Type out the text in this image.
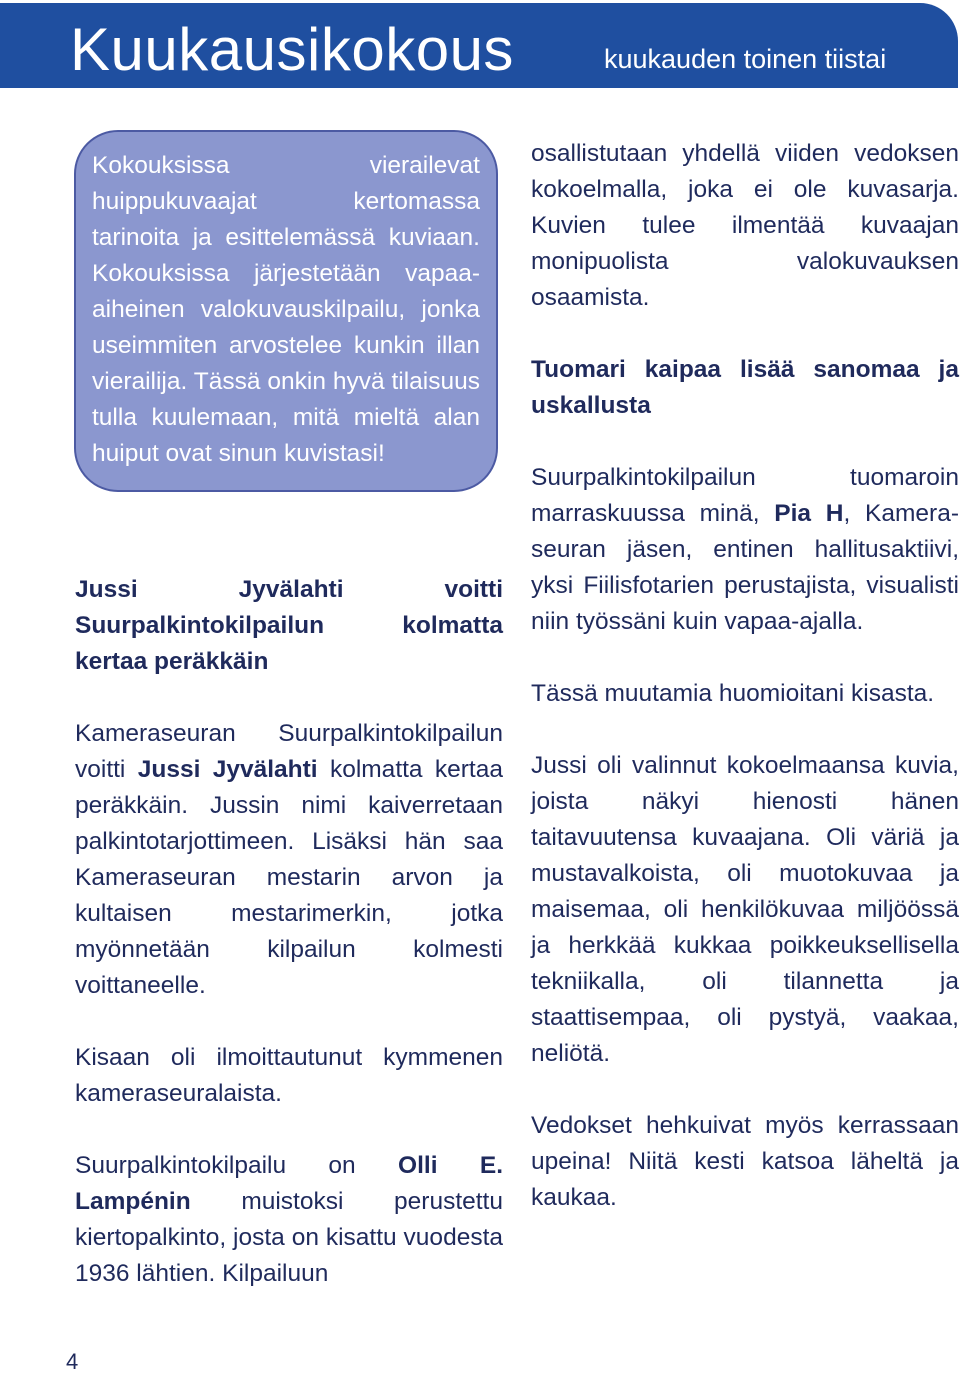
Kuukausikokous	kuukauden toinen tiistai

Kokouksissa vierailevat huippukuvaajat kertomassa tarinoita ja esittelemässä kuviaan. Kokouksissa järjestetään vapaa-aiheinen valokuvauskilpailu, jonka useimmiten arvostelee kunkin illan vierailija. Tässä onkin hyvä tilaisuus tulla kuulemaan, mitä mieltä alan huiput ovat sinun kuvistasi!

Jussi Jyvälahti voitti Suurpalkintokilpailun kolmatta kertaa peräkkäin

Kameraseuran Suurpalkintokilpailun voitti Jussi Jyvälahti kolmatta kertaa peräkkäin. Jussin nimi kaiverretaan palkintotarjottimeen. Lisäksi hän saa Kameraseuran mestarin arvon ja kultaisen mestarimerkin, jotka myönnetään kilpailun kolmesti voittaneelle.

Kisaan oli ilmoittautunut kymmenen kameraseuralaista.

Suurpalkintokilpailu on Olli E. Lampénin muistoksi perustettu kiertopalkinto, josta on kisattu vuodesta 1936 lähtien. Kilpailuun

osallistutaan yhdellä viiden vedoksen kokoelmalla, joka ei ole kuvasarja. Kuvien tulee ilmentää kuvaajan monipuolista valokuvauksen osaamista.

Tuomari kaipaa lisää sanomaa ja uskallusta

Suurpalkintokilpailun tuomaroin marraskuussa minä, Pia H, Kamera-seuran jäsen, entinen hallitusaktiivi, yksi Fiilisfotarien perustajista, visualisti niin työssäni kuin vapaa-ajalla.

Tässä muutamia huomioitani kisasta.

Jussi oli valinnut kokoelmaansa kuvia, joista näkyi hienosti hänen taitavuutensa kuvaajana. Oli väriä ja mustavalkoista, oli muotokuvaa ja maisemaa, oli henkilökuvaa miljöössä ja herkkää kukkaa poikkeuksellisella tekniikalla, oli tilannetta ja staattisempaa, oli pystyä, vaakaa, neliötä.

Vedokset hehkuivat myös kerrassaan upeina! Niitä kesti katsoa läheltä ja kaukaa.

4
